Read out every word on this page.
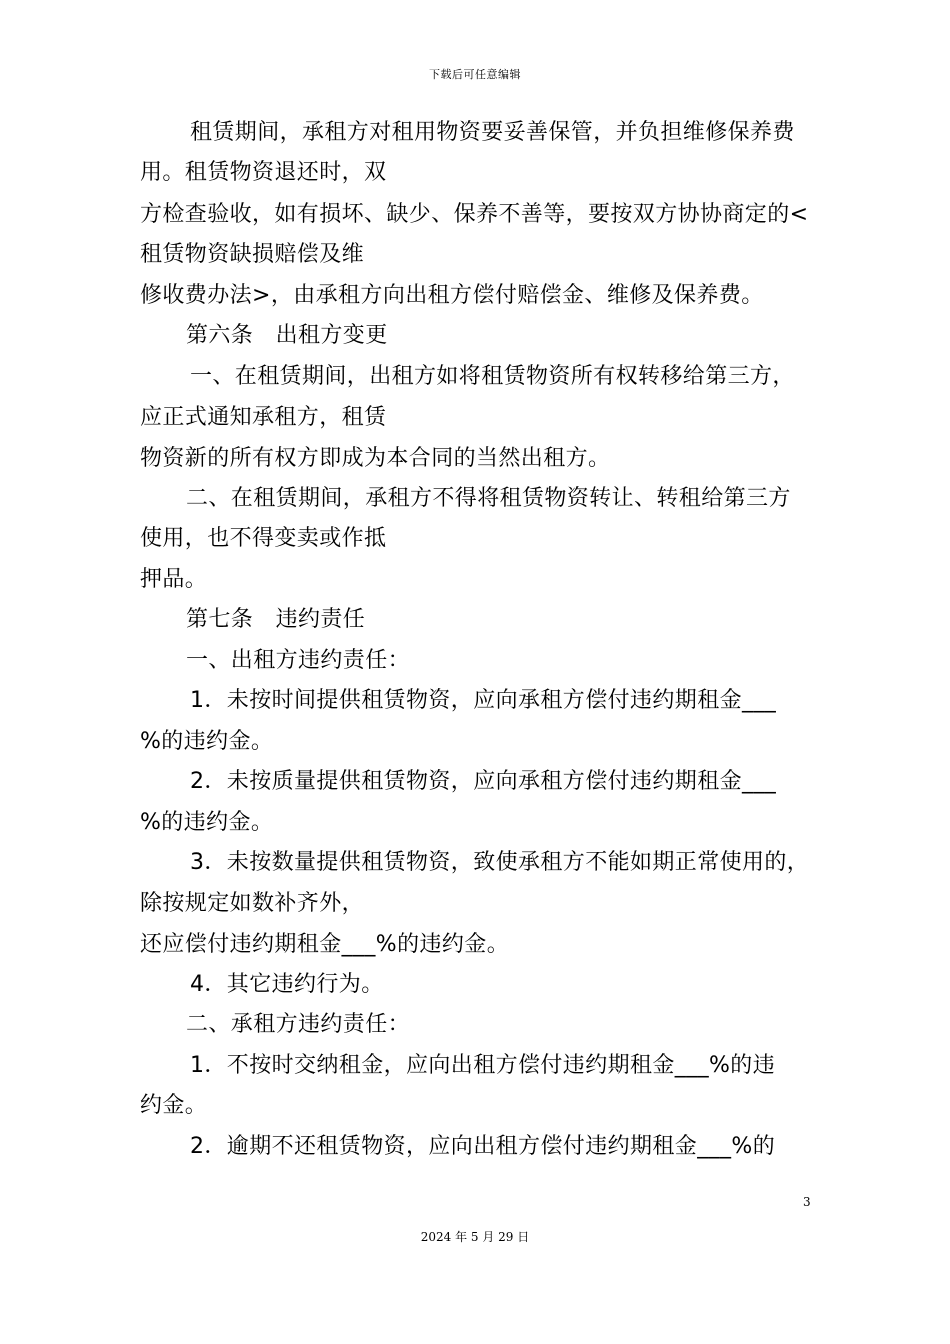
下载后可任意编辑
租赁期间，承租方对租用物资要妥善保管，并负担维修保养费
用。租赁物资退还时，双
方检查验收，如有损坏、缺少、保养不善等，要按双方协协商定的<
租赁物资缺损赔偿及维
修收费办法>，由承租方向出租方偿付赔偿金、维修及保养费。
第六条　出租方变更
一、在租赁期间，出租方如将租赁物资所有权转移给第三方，
应正式通知承租方，租赁
物资新的所有权方即成为本合同的当然出租方。
二、在租赁期间，承租方不得将租赁物资转让、转租给第三方
使用，也不得变卖或作抵
押品。
第七条　违约责任
一、出租方违约责任：
1．未按时间提供租赁物资，应向承租方偿付违约期租金___
%的违约金。
2．未按质量提供租赁物资，应向承租方偿付违约期租金___
%的违约金。
3．未按数量提供租赁物资，致使承租方不能如期正常使用的，
除按规定如数补齐外，
还应偿付违约期租金___%的违约金。
4．其它违约行为。
二、承租方违约责任：
1．不按时交纳租金，应向出租方偿付违约期租金___%的违
约金。
2．逾期不还租赁物资，应向出租方偿付违约期租金___%的
3
2024 年 5 月 29 日
